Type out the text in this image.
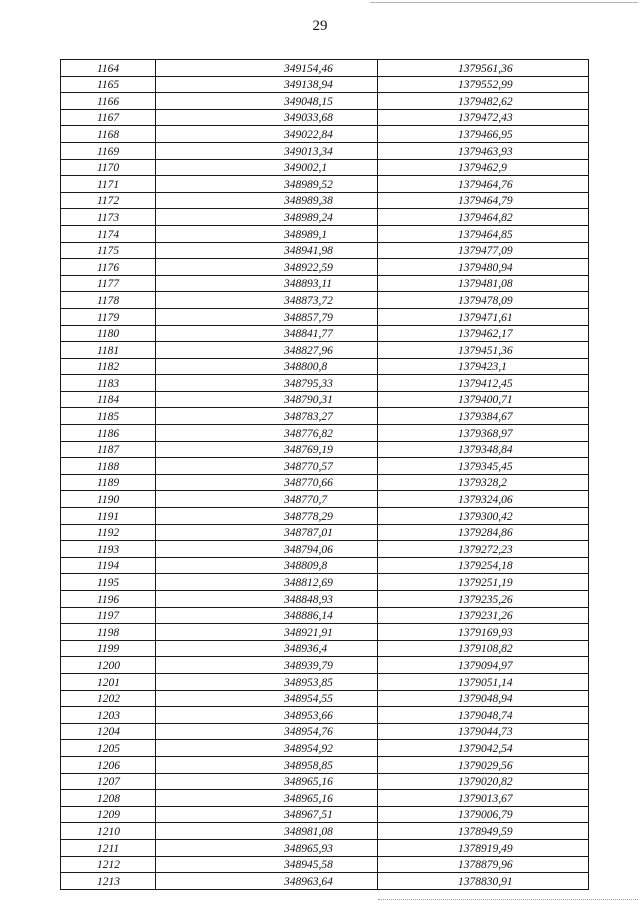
29
1164	349154,46	1379561,36
1165	349138,94	1379552,99
1166	349048,15	1379482,62
1167	349033,68	1379472,43
1168	349022,84	1379466,95
1169	349013,34	1379463,93
1170	349002,1	1379462,9
1171	348989,52	1379464,76
1172	348989,38	1379464,79
1173	348989,24	1379464,82
1174	348989,1	1379464,85
1175	348941,98	1379477,09
1176	348922,59	1379480,94
1177	348893,11	1379481,08
1178	348873,72	1379478,09
1179	348857,79	1379471,61
1180	348841,77	1379462,17
1181	348827,96	1379451,36
1182	348800,8	1379423,1
1183	348795,33	1379412,45
1184	348790,31	1379400,71
1185	348783,27	1379384,67
1186	348776,82	1379368,97
1187	348769,19	1379348,84
1188	348770,57	1379345,45
1189	348770,66	1379328,2
1190	348770,7	1379324,06
1191	348778,29	1379300,42
1192	348787,01	1379284,86
1193	348794,06	1379272,23
1194	348809,8	1379254,18
1195	348812,69	1379251,19
1196	348848,93	1379235,26
1197	348886,14	1379231,26
1198	348921,91	1379169,93
1199	348936,4	1379108,82
1200	348939,79	1379094,97
1201	348953,85	1379051,14
1202	348954,55	1379048,94
1203	348953,66	1379048,74
1204	348954,76	1379044,73
1205	348954,92	1379042,54
1206	348958,85	1379029,56
1207	348965,16	1379020,82
1208	348965,16	1379013,67
1209	348967,51	1379006,79
1210	348981,08	1378949,59
1211	348965,93	1378919,49
1212	348945,58	1378879,96
1213	348963,64	1378830,91
